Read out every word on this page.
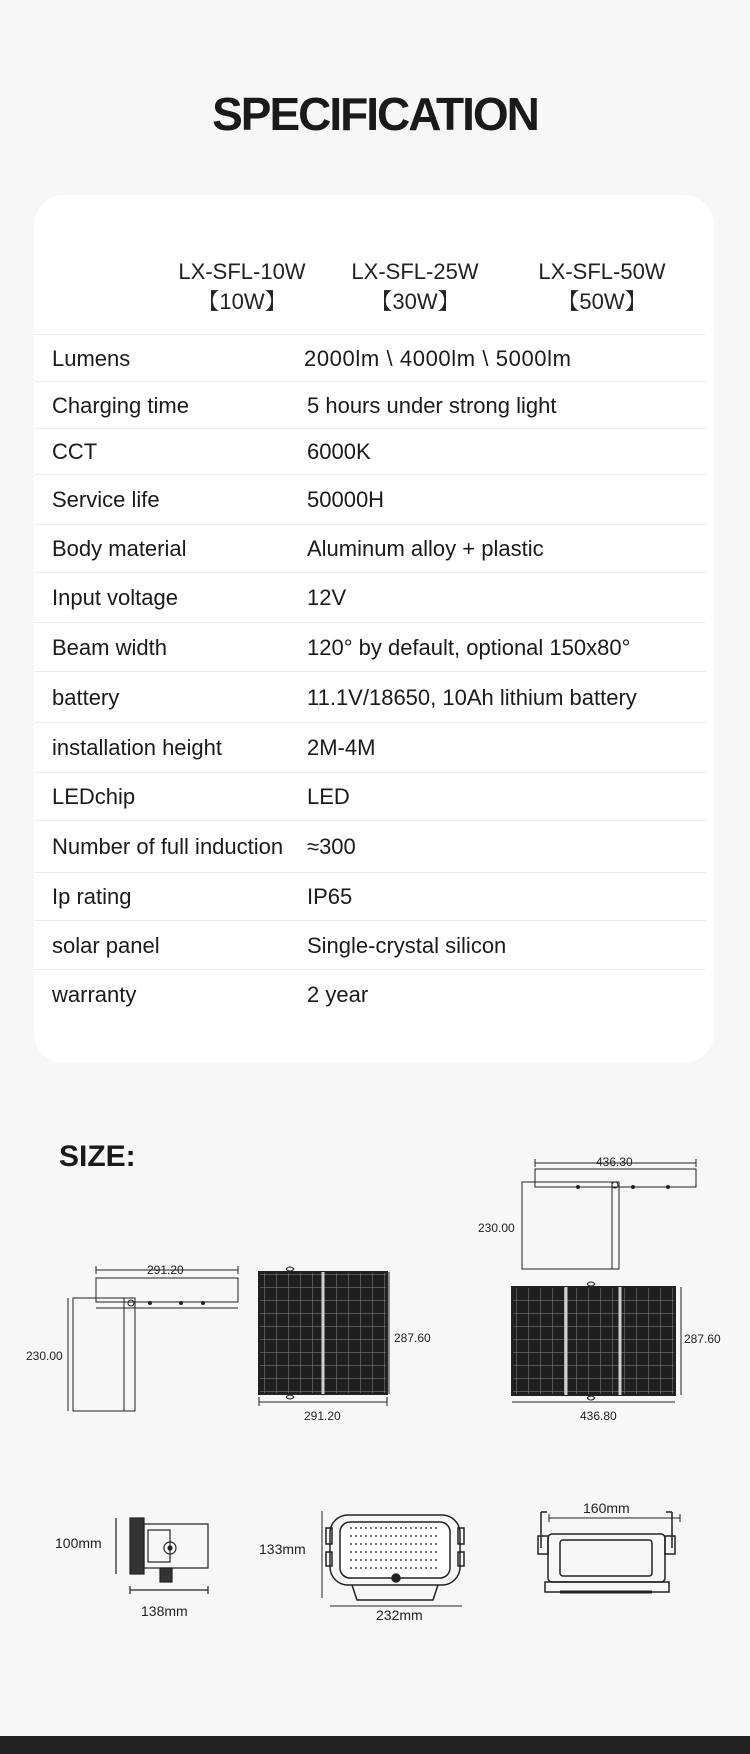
SPECIFICATION
LX-SFL-10W
【10W】
LX-SFL-25W
【30W】
LX-SFL-50W
【50W】
Lumens	2000lm \ 4000lm \ 5000lm
Charging time	5 hours under strong light
CCT	6000K
Service life	50000H
Body material	Aluminum alloy + plastic
Input voltage	12V
Beam width	120° by default, optional 150x80°
battery	11.1V/18650, 10Ah lithium battery
installation height	2M-4M
LEDchip	LED
Number of full induction ≈300
Ip rating	IP65
solar panel	Single-crystal silicon
warranty	2 year
SIZE:
291.20
230.00
287.60
291.20
436.30
230.00
287.60
436.80
100mm
138mm
133mm
232mm
160mm
